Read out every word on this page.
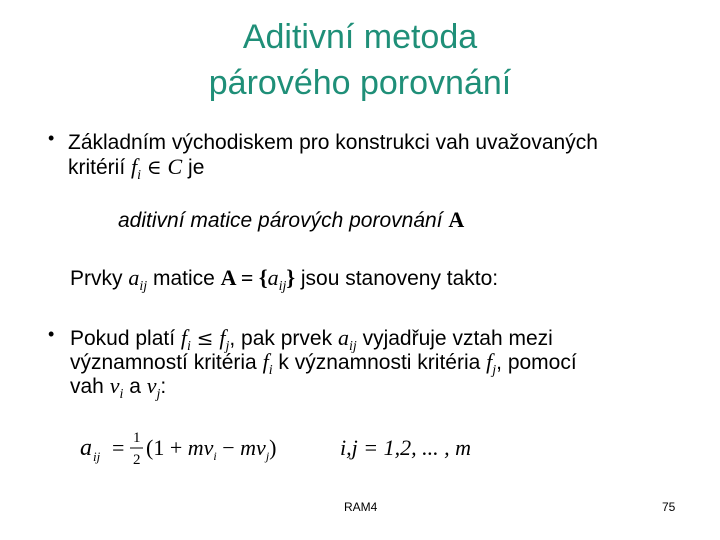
Aditivní metoda
párového porovnání
• Základním východiskem pro konstrukci vah uvažovaných
kritérií $f_i$ ∈ C je
aditivní matice párových porovnání A
Prvky $a_{ij}$ matice $A = \{a_{ij}\}$ jsou stanoveny takto:
• Pokud platí $f_i \le f_j$, pak prvek $a_{ij}$ vyjadřuje vztah mezi
významností kritéria $f_i$ k významnosti kritéria $f_j$, pomocí
vah $v_i$ a $v_j$:
a ij = 1
2 $(1 + mv_i - mv_j)$	i,j = 1,2, ... , m
RAM4	75
